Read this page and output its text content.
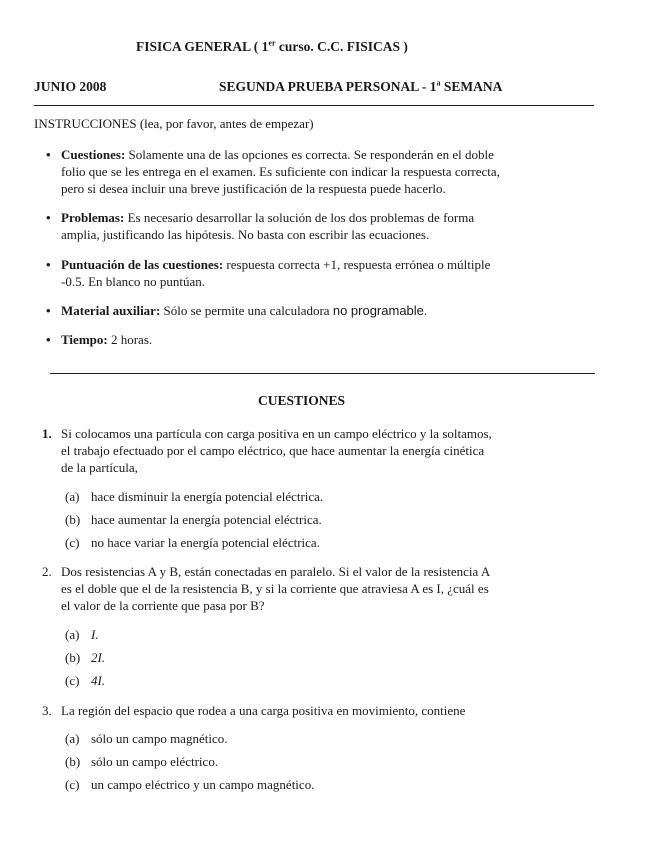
FISICA GENERAL ( 1er curso. C.C. FISICAS )
JUNIO 2008	SEGUNDA PRUEBA PERSONAL - 1$^a$ SEMANA
INSTRUCCIONES (lea, por favor, antes de empezar)
• Cuestiones: Solamente una de las opciones es correcta. Se responderán en el doble
folio que se les entrega en el examen. Es suficiente con indicar la respuesta correcta,
pero si desea incluir una breve justificación de la respuesta puede hacerlo.
• Problemas: Es necesario desarrollar la solución de los dos problemas de forma
amplia, justificando las hipótesis. No basta con escribir las ecuaciones.
• Puntuación de las cuestiones: respuesta correcta +1, respuesta errónea o múltiple
-0.5. En blanco no puntúan.
• Material auxiliar: Sólo se permite una calculadora no programable.
• Tiempo: 2 horas.
CUESTIONES
1. Si colocamos una partícula con carga positiva en un campo eléctrico y la soltamos,
el trabajo efectuado por el campo eléctrico, que hace aumentar la energía cinética
de la partícula,
(a) hace disminuir la energía potencial eléctrica.
(b) hace aumentar la energía potencial eléctrica.
(c) no hace variar la energía potencial eléctrica.
2. Dos resistencias A y B, están conectadas en paralelo. Si el valor de la resistencia A
es el doble que el de la resistencia B, y si la corriente que atraviesa A es I, ¿cuál es
el valor de la corriente que pasa por B?
(a) I.
(b) 2I.
(c) 4I.
3. La región del espacio que rodea a una carga positiva en movimiento, contiene
(a) sólo un campo magnético.
(b) sólo un campo eléctrico.
(c) un campo eléctrico y un campo magnético.
